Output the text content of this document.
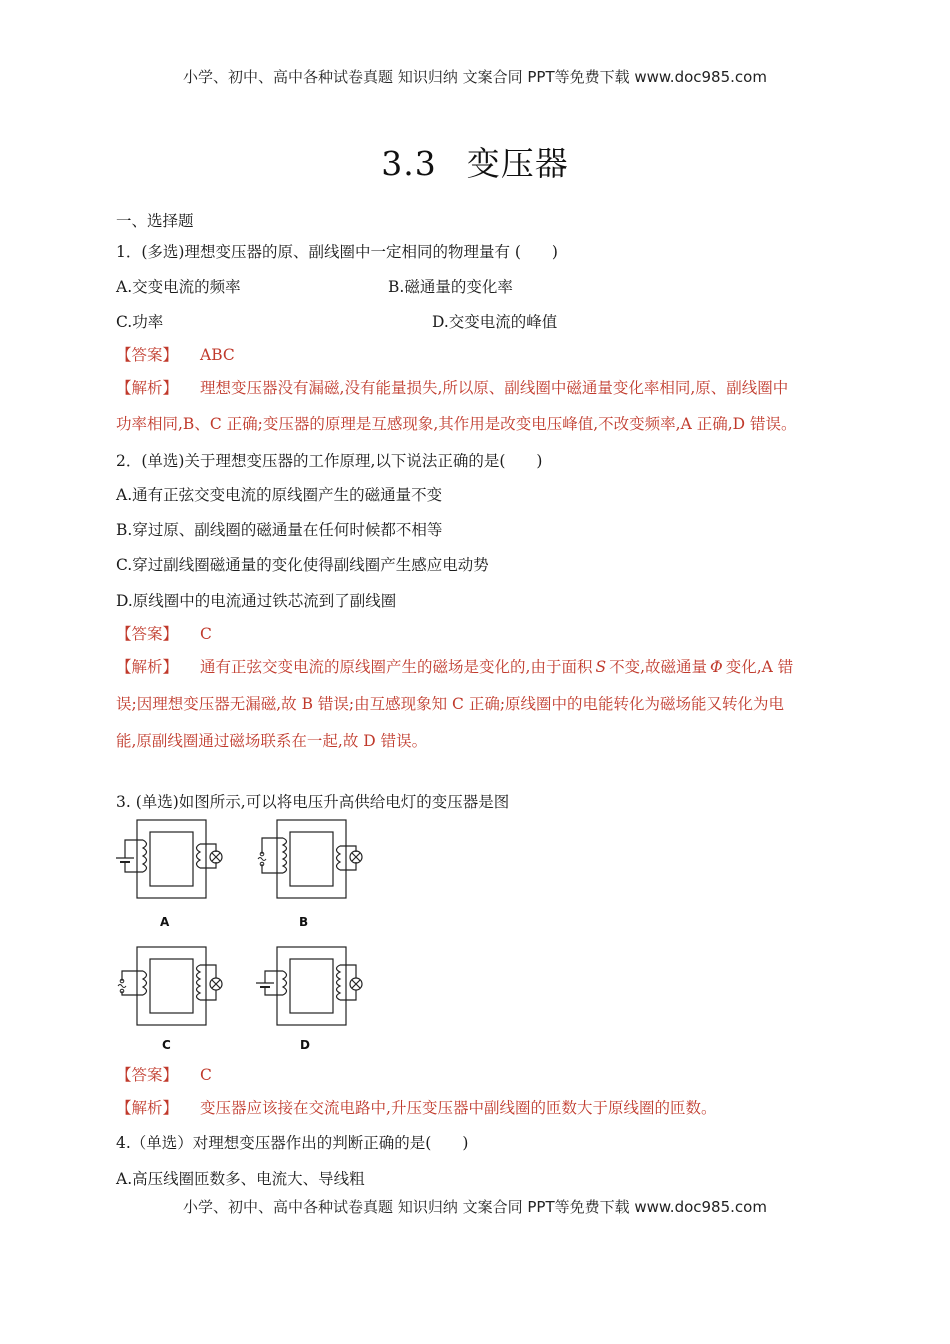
小学、初中、高中各种试卷真题 知识归纳 文案合同 PPT等免费下载 www.doc985.com
3.3 变压器
一、选择题
1．(多选)理想变压器的原、副线圈中一定相同的物理量有 (　　)
A.交变电流的频率	B.磁通量的变化率
C.功率	D.交变电流的峰值
【答案】 ABC
【解析】 理想变压器没有漏磁,没有能量损失,所以原、副线圈中磁通量变化率相同,原、副线圈中
功率相同,B、C 正确;变压器的原理是互感现象,其作用是改变电压峰值,不改变频率,A 正确,D 错误。
2．(单选)关于理想变压器的工作原理,以下说法正确的是(　　)
A.通有正弦交变电流的原线圈产生的磁通量不变
B.穿过原、副线圈的磁通量在任何时候都不相等
C.穿过副线圈磁通量的变化使得副线圈产生感应电动势
D.原线圈中的电流通过铁芯流到了副线圈
【答案】 C
【解析】 通有正弦交变电流的原线圈产生的磁场是变化的,由于面积 S 不变,故磁通量 Φ 变化,A 错
误;因理想变压器无漏磁,故 B 错误;由互感现象知 C 正确;原线圈中的电能转化为磁场能又转化为电
能,原副线圈通过磁场联系在一起,故 D 错误。
3. (单选)如图所示,可以将电压升高供给电灯的变压器是图
A	B
C	D
【答案】 C
【解析】 变压器应该接在交流电路中,升压变压器中副线圈的匝数大于原线圈的匝数。
4.（单选）对理想变压器作出的判断正确的是(　　)
A.高压线圈匝数多、电流大、导线粗
小学、初中、高中各种试卷真题 知识归纳 文案合同 PPT等免费下载 www.doc985.com
